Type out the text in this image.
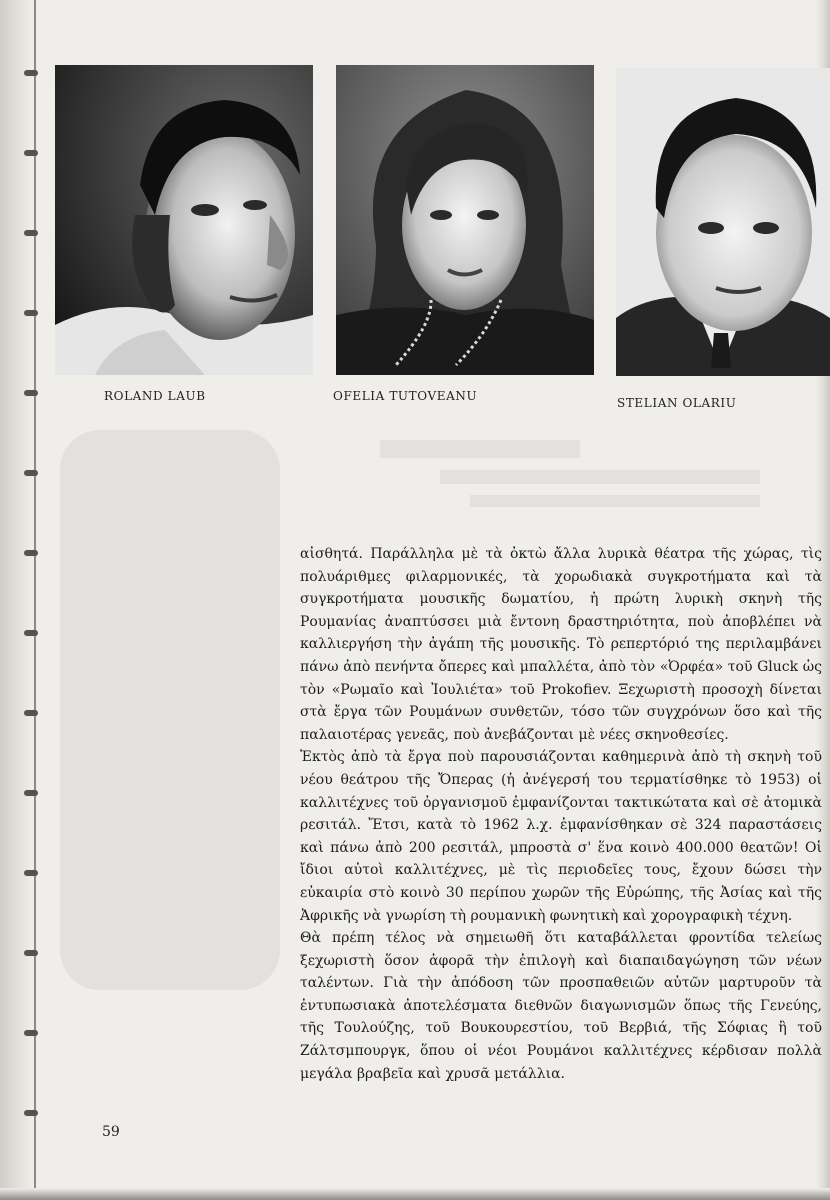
ROLAND LAUB	OFELIA TUTOVEANU	STELIAN OLARIU

αἰσθητά. Παράλληλα μὲ τὰ ὀκτὼ ἄλλα λυρικὰ θέατρα τῆς χώρας, τὶς πολυάριθμες φιλαρμονικές, τὰ χορωδιακὰ συγκροτήματα καὶ τὰ συγκροτήματα μουσικῆς δωματίου, ἡ πρώτη λυρικὴ σκηνὴ τῆς Ρουμανίας ἀναπτύσσει μιὰ ἔντονη δραστηριότητα, ποὺ ἀποβλέπει νὰ καλλιεργήση τὴν ἀγάπη τῆς μουσικῆς. Τὸ ρεπερτόριό της περιλαμβάνει πάνω ἀπὸ πενήντα ὄπερες καὶ μπαλλέτα, ἀπὸ τὸν «Ὀρφέα» τοῦ Gluck ὡς τὸν «Ρωμαῖο καὶ Ἰουλιέτα» τοῦ Prokofiev. Ξεχωριστὴ προσοχὴ δίνεται στὰ ἔργα τῶν Ρουμάνων συνθετῶν, τόσο τῶν συγχρόνων ὅσο καὶ τῆς παλαιοτέρας γενεᾶς, ποὺ ἀνεβάζονται μὲ νέες σκηνοθεσίες.

Ἐκτὸς ἀπὸ τὰ ἔργα ποὺ παρουσιάζονται καθημερινὰ ἀπὸ τὴ σκηνὴ τοῦ νέου θεάτρου τῆς Ὄπερας (ἡ ἀνέγερσή του τερματίσθηκε τὸ 1953) οἱ καλλιτέχνες τοῦ ὀργανισμοῦ ἐμφανίζονται τακτικώτατα καὶ σὲ ἀτομικὰ ρεσιτάλ. Ἔτσι, κατὰ τὸ 1962 λ.χ. ἐμφανίσθηκαν σὲ 324 παραστάσεις καὶ πάνω ἀπὸ 200 ρεσιτάλ, μπροστὰ σ' ἕνα κοινὸ 400.000 θεατῶν! Οἱ ἴδιοι αὐτοὶ καλλιτέχνες, μὲ τὶς περιοδεῖες τους, ἔχουν δώσει τὴν εὐκαιρία στὸ κοινὸ 30 περίπου χωρῶν τῆς Εὐρώπης, τῆς Ἀσίας καὶ τῆς Ἀφρικῆς νὰ γνωρίση τὴ ρουμανικὴ φωνητικὴ καὶ χορογραφικὴ τέχνη.

Θὰ πρέπη τέλος νὰ σημειωθῆ ὅτι καταβάλλεται φροντίδα τελείως ξεχωριστὴ ὅσον ἀφορᾶ τὴν ἐπιλογὴ καὶ διαπαιδαγώγηση τῶν νέων ταλέντων. Γιὰ τὴν ἀπόδοση τῶν προσπαθειῶν αὐτῶν μαρτυροῦν τὰ ἐντυπωσιακὰ ἀποτελέσματα διεθνῶν διαγωνισμῶν ὅπως τῆς Γενεύης, τῆς Τουλούζης, τοῦ Βουκουρεστίου, τοῦ Βερβιά, τῆς Σόφιας ἢ τοῦ Ζάλτσμπουργκ, ὅπου οἱ νέοι Ρουμάνοι καλλιτέχνες κέρδισαν πολλὰ μεγάλα βραβεῖα καὶ χρυσᾶ μετάλλια.

59
